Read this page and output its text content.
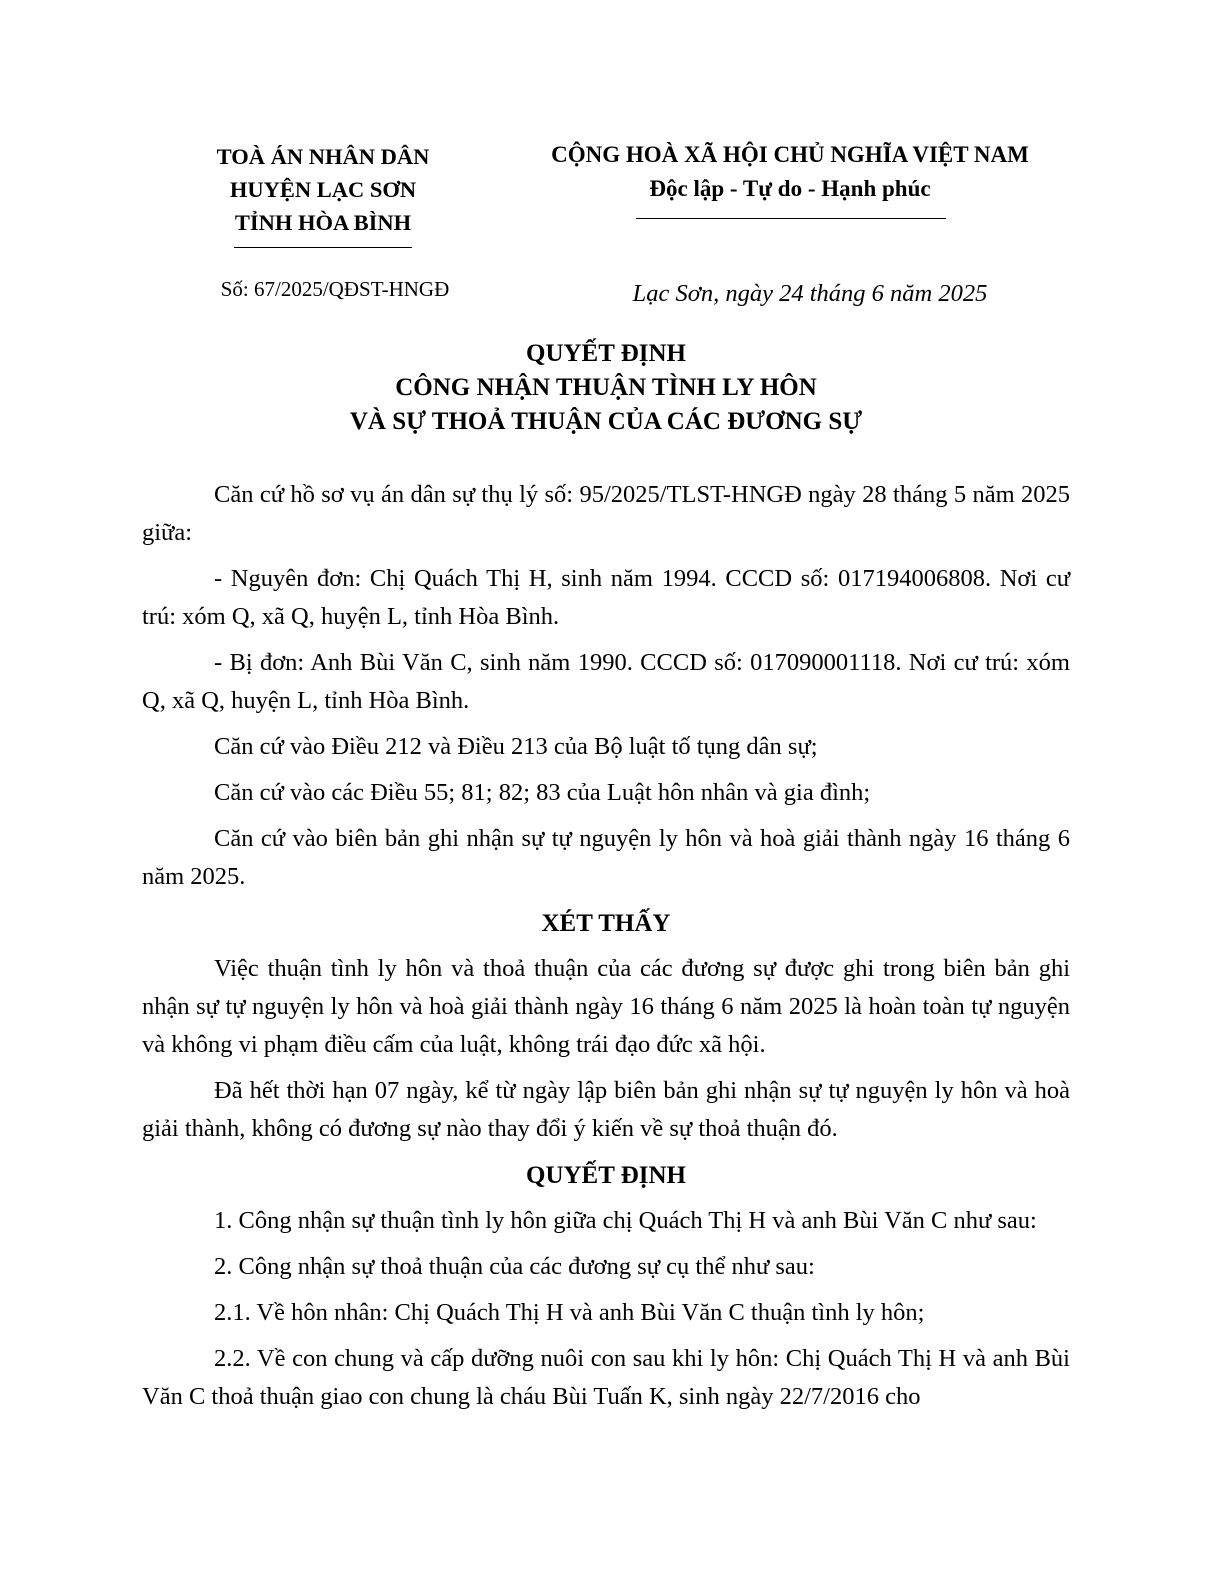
TOÀ ÁN NHÂN DÂN
HUYỆN LẠC SƠN
TỈNH HÒA BÌNH
CỘNG HOÀ XÃ HỘI CHỦ NGHĨA VIỆT NAM
Độc lập - Tự do - Hạnh phúc
Số: 67/2025/QĐST-HNGĐ	Lạc Sơn, ngày 24 tháng 6 năm 2025
QUYẾT ĐỊNH
CÔNG NHẬN THUẬN TÌNH LY HÔN
VÀ SỰ THOẢ THUẬN CỦA CÁC ĐƯƠNG SỰ

Căn cứ hồ sơ vụ án dân sự thụ lý số: 95/2025/TLST-HNGĐ ngày 28 tháng 5 năm 2025 giữa:

- Nguyên đơn: Chị Quách Thị H, sinh năm 1994. CCCD số: 017194006808. Nơi cư trú: xóm Q, xã Q, huyện L, tỉnh Hòa Bình.

- Bị đơn: Anh Bùi Văn C, sinh năm 1990. CCCD số: 017090001118. Nơi cư trú: xóm Q, xã Q, huyện L, tỉnh Hòa Bình.

Căn cứ vào Điều 212 và Điều 213 của Bộ luật tố tụng dân sự;

Căn cứ vào các Điều 55; 81; 82; 83 của Luật hôn nhân và gia đình;

Căn cứ vào biên bản ghi nhận sự tự nguyện ly hôn và hoà giải thành ngày 16 tháng 6 năm 2025.

XÉT THẤY

Việc thuận tình ly hôn và thoả thuận của các đương sự được ghi trong biên bản ghi nhận sự tự nguyện ly hôn và hoà giải thành ngày 16 tháng 6 năm 2025 là hoàn toàn tự nguyện và không vi phạm điều cấm của luật, không trái đạo đức xã hội.

Đã hết thời hạn 07 ngày, kể từ ngày lập biên bản ghi nhận sự tự nguyện ly hôn và hoà giải thành, không có đương sự nào thay đổi ý kiến về sự thoả thuận đó.

QUYẾT ĐỊNH

1. Công nhận sự thuận tình ly hôn giữa chị Quách Thị H và anh Bùi Văn C như sau:

2. Công nhận sự thoả thuận của các đương sự cụ thể như sau:

2.1. Về hôn nhân: Chị Quách Thị H và anh Bùi Văn C thuận tình ly hôn;

2.2. Về con chung và cấp dưỡng nuôi con sau khi ly hôn: Chị Quách Thị H và anh Bùi Văn C thoả thuận giao con chung là cháu Bùi Tuấn K, sinh ngày 22/7/2016 cho
